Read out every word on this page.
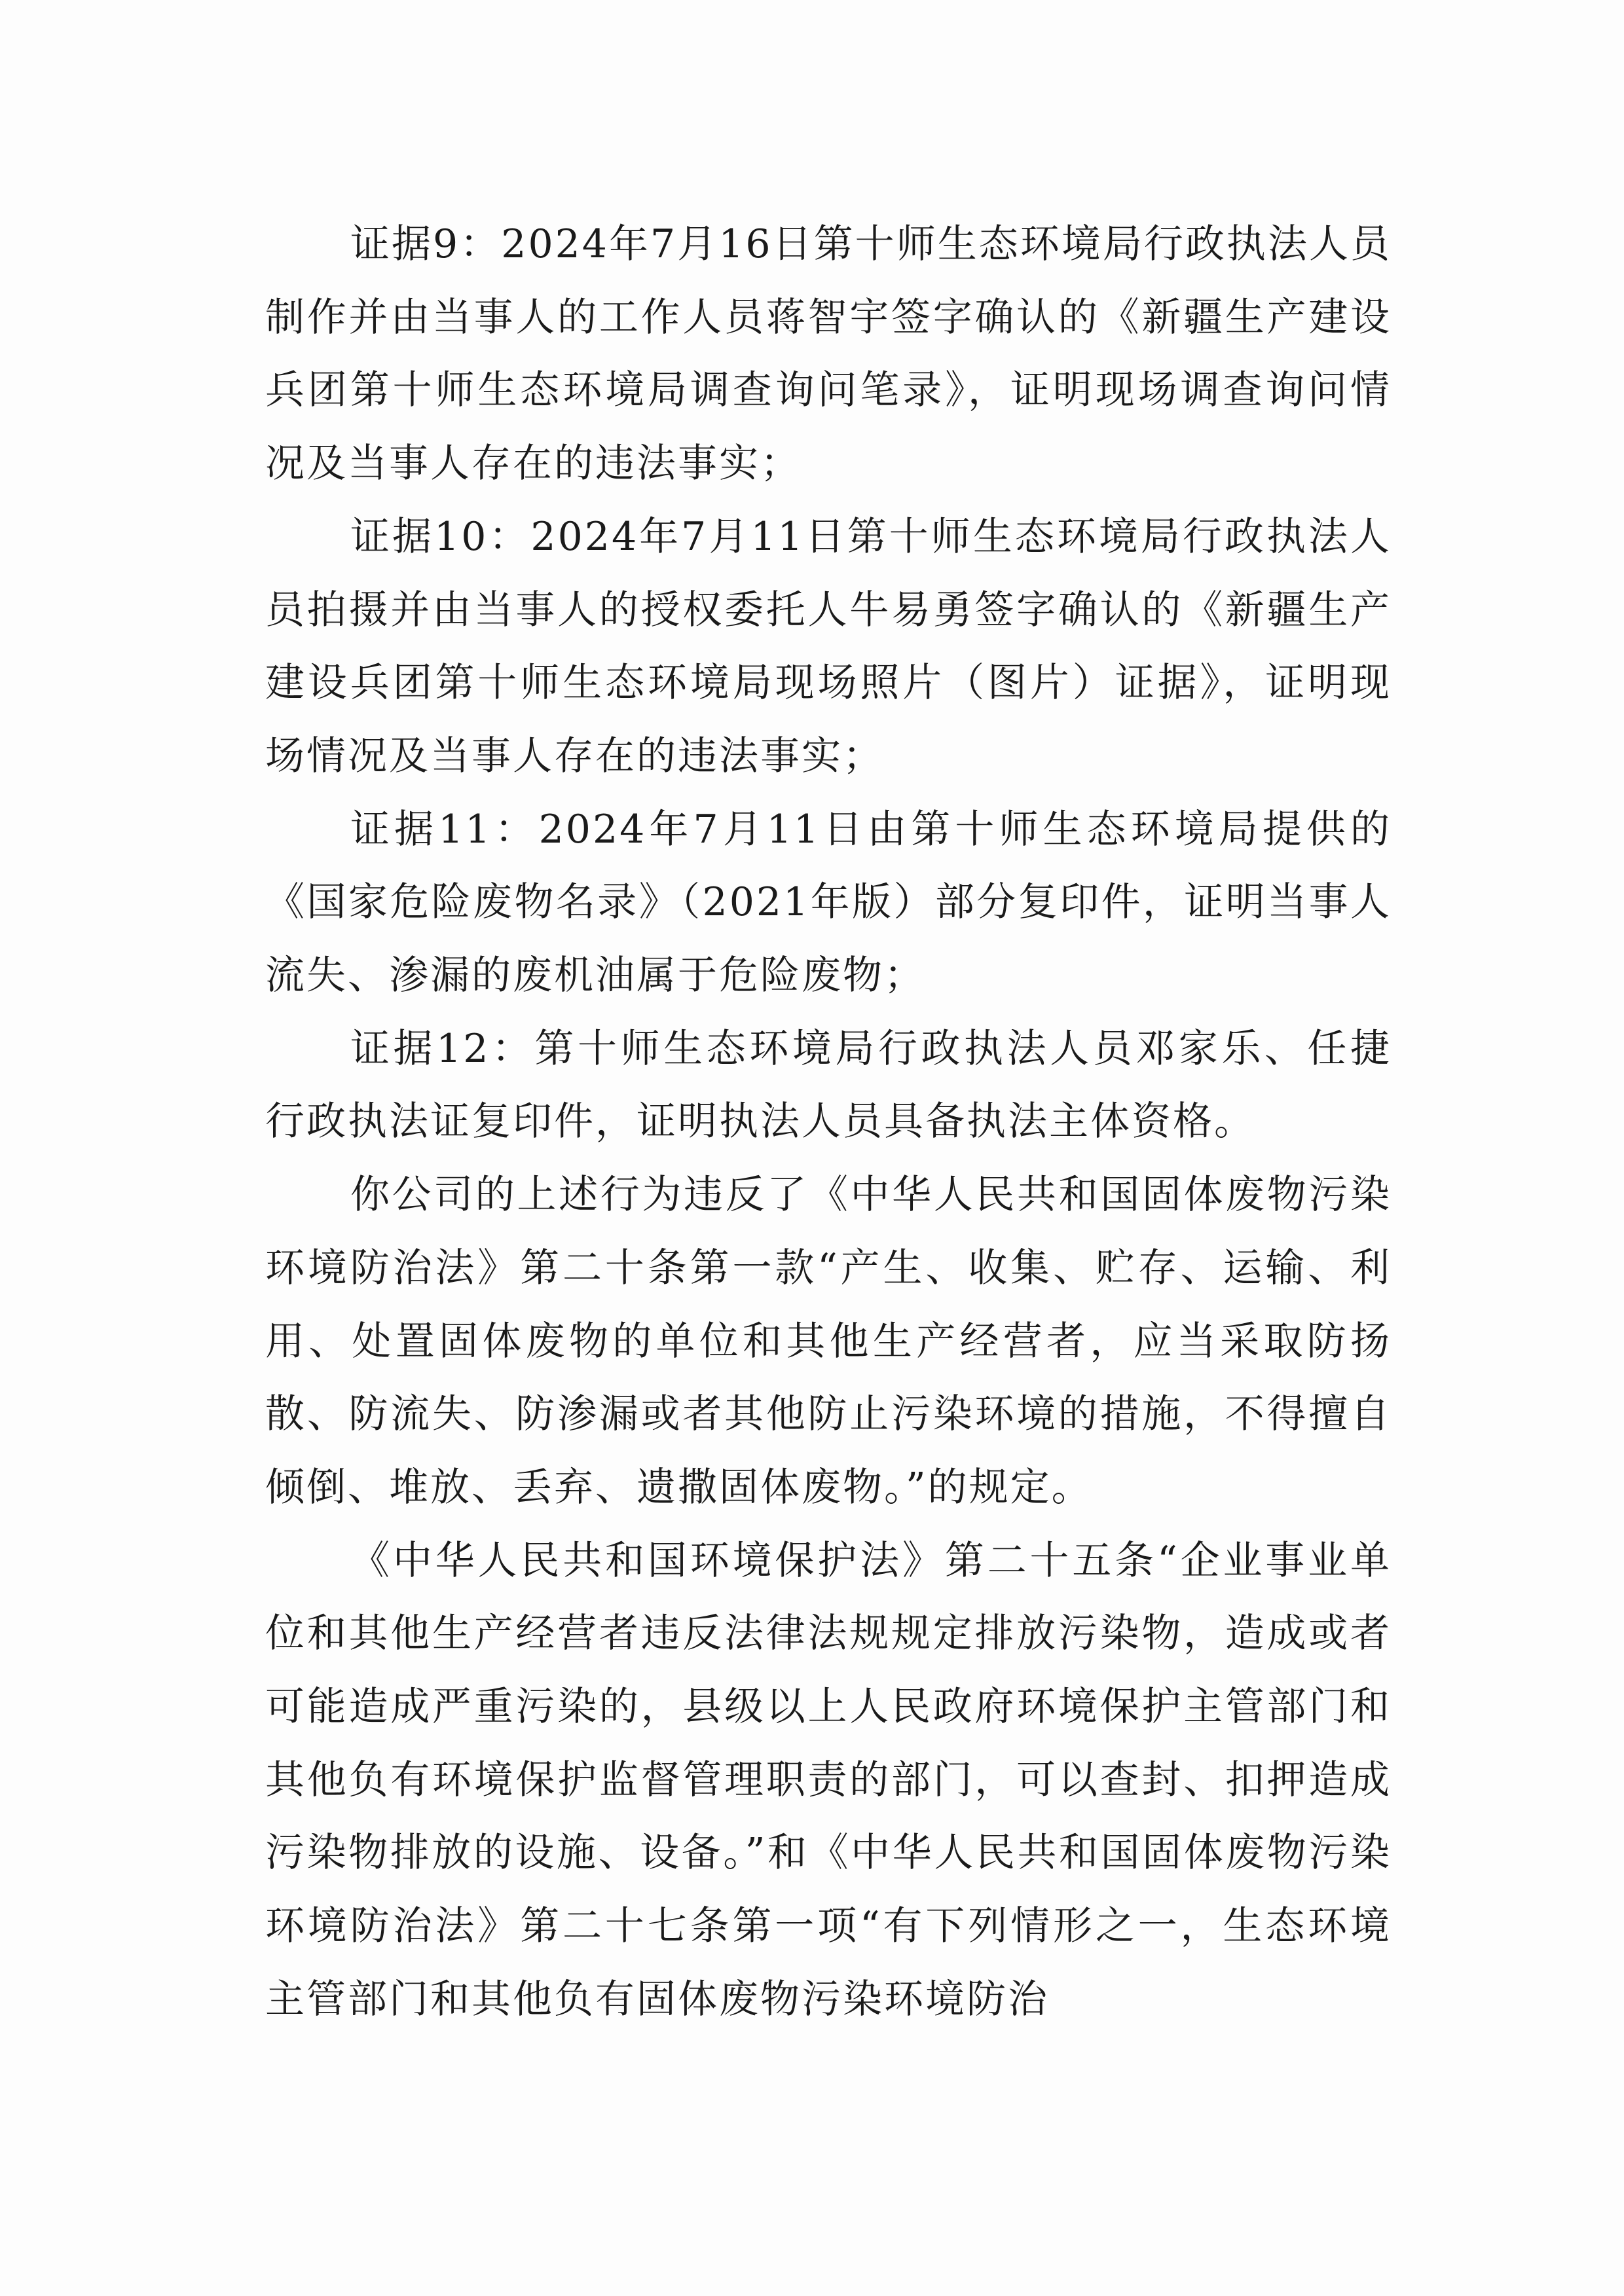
证据9：2024年7月16日第十师生态环境局行政执法人员制作并由当事人的工作人员蒋智宇签字确认的《新疆生产建设兵团第十师生态环境局调查询问笔录》，证明现场调查询问情况及当事人存在的违法事实；

证据10：2024年7月11日第十师生态环境局行政执法人员拍摄并由当事人的授权委托人牛易勇签字确认的《新疆生产建设兵团第十师生态环境局现场照片（图片）证据》，证明现场情况及当事人存在的违法事实；

证据11：2024年7月11日由第十师生态环境局提供的《国家危险废物名录》（2021年版）部分复印件，证明当事人流失、渗漏的废机油属于危险废物；

证据12：第十师生态环境局行政执法人员邓家乐、任捷行政执法证复印件，证明执法人员具备执法主体资格。

你公司的上述行为违反了《中华人民共和国固体废物污染环境防治法》第二十条第一款“产生、收集、贮存、运输、利用、处置固体废物的单位和其他生产经营者，应当采取防扬散、防流失、防渗漏或者其他防止污染环境的措施，不得擅自倾倒、堆放、丢弃、遗撒固体废物。”的规定。

《中华人民共和国环境保护法》第二十五条“企业事业单位和其他生产经营者违反法律法规规定排放污染物，造成或者可能造成严重污染的，县级以上人民政府环境保护主管部门和其他负有环境保护监督管理职责的部门，可以查封、扣押造成污染物排放的设施、设备。”和《中华人民共和国固体废物污染环境防治法》第二十七条第一项“有下列情形之一，生态环境主管部门和其他负有固体废物污染环境防治
